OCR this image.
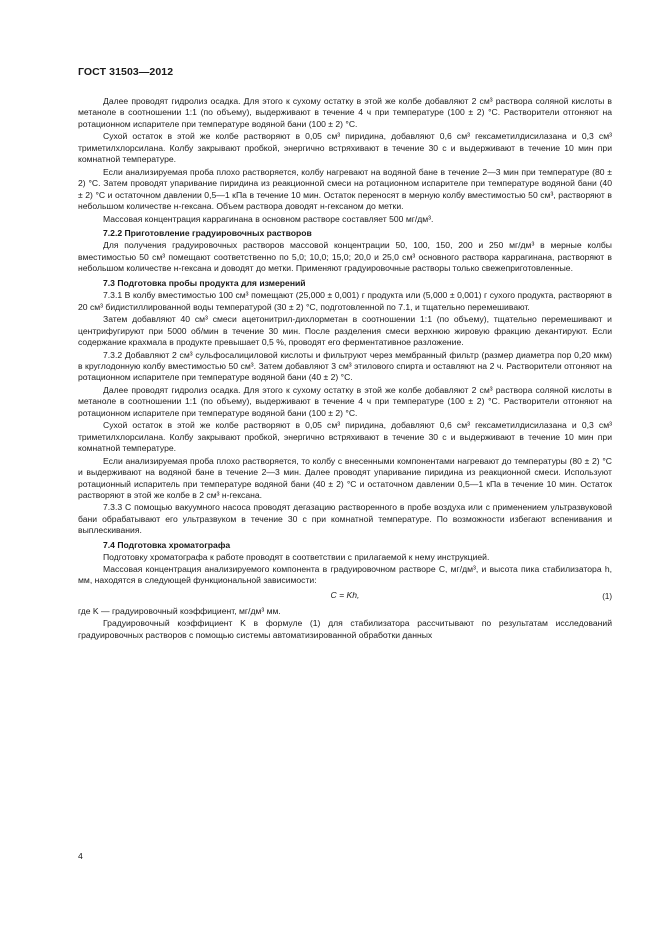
ГОСТ 31503—2012

Далее проводят гидролиз осадка. Для этого к сухому остатку в этой же колбе добавляют 2 см³ раствора соляной кислоты в метаноле в соотношении 1:1 (по объему), выдерживают в течение 4 ч при температуре (100 ± 2) °С. Растворители отгоняют на ротационном испарителе при температуре водяной бани (100 ± 2) °С.

Сухой остаток в этой же колбе растворяют в 0,05 см³ пиридина, добавляют 0,6 см³ гексаметилдисилазана и 0,3 см³ триметилхлорсилана. Колбу закрывают пробкой, энергично встряхивают в течение 30 с и выдерживают в течение 10 мин при комнатной температуре.

Если анализируемая проба плохо растворяется, колбу нагревают на водяной бане в течение 2—3 мин при температуре (80 ± 2) °С. Затем проводят упаривание пиридина из реакционной смеси на ротационном испарителе при температуре водяной бани (40 ± 2) °С и остаточном давлении 0,5—1 кПа в течение 10 мин. Остаток переносят в мерную колбу вместимостью 50 см³, растворяют в небольшом количестве н-гексана. Объем раствора доводят н-гексаном до метки.

Массовая концентрация каррагинана в основном растворе составляет 500 мг/дм³.

7.2.2 Приготовление градуировочных растворов

Для получения градуировочных растворов массовой концентрации 50, 100, 150, 200 и 250 мг/дм³ в мерные колбы вместимостью 50 см³ помещают соответственно по 5,0; 10,0; 15,0; 20,0 и 25,0 см³ основного раствора каррагинана, растворяют в небольшом количестве н-гексана и доводят до метки. Применяют градуировочные растворы только свежеприготовленные.

7.3 Подготовка пробы продукта для измерений

7.3.1 В колбу вместимостью 100 см³ помещают (25,000 ± 0,001) г продукта или (5,000 ± 0,001) г сухого продукта, растворяют в 20 см³ бидистиллированной воды температурой (30 ± 2) °С, подготовленной по 7.1, и тщательно перемешивают.

Затем добавляют 40 см³ смеси ацетонитрил-дихлорметан в соотношении 1:1 (по объему), тщательно перемешивают и центрифугируют при 5000 об/мин в течение 30 мин. После разделения смеси верхнюю жировую фракцию декантируют. Если содержание крахмала в продукте превышает 0,5 %, проводят его ферментативное разложение.

7.3.2 Добавляют 2 см³ сульфосалициловой кислоты и фильтруют через мембранный фильтр (размер диаметра пор 0,20 мкм) в круглодонную колбу вместимостью 50 см³. Затем добавляют 3 см³ этилового спирта и оставляют на 2 ч. Растворители отгоняют на ротационном испарителе при температуре водяной бани (40 ± 2) °С.

Далее проводят гидролиз осадка. Для этого к сухому остатку в этой же колбе добавляют 2 см³ раствора соляной кислоты в метаноле в соотношении 1:1 (по объему), выдерживают в течение 4 ч при температуре (100 ± 2) °С. Растворители отгоняют на ротационном испарителе при температуре водяной бани (100 ± 2) °С.

Сухой остаток в этой же колбе растворяют в 0,05 см³ пиридина, добавляют 0,6 см³ гексаметилдисилазана и 0,3 см³ триметилхлорсилана. Колбу закрывают пробкой, энергично встряхивают в течение 30 с и выдерживают в течение 10 мин при комнатной температуре.

Если анализируемая проба плохо растворяется, то колбу с внесенными компонентами нагревают до температуры (80 ± 2) °С и выдерживают на водяной бане в течение 2—3 мин. Далее проводят упаривание пиридина из реакционной смеси. Используют ротационный испаритель при температуре водяной бани (40 ± 2) °С и остаточном давлении 0,5—1 кПа в течение 10 мин. Остаток растворяют в этой же колбе в 2 см³ н-гексана.

7.3.3 С помощью вакуумного насоса проводят дегазацию растворенного в пробе воздуха или с применением ультразвуковой бани обрабатывают его ультразвуком в течение 30 с при комнатной температуре. По возможности избегают вспенивания и выплескивания.

7.4 Подготовка хроматографа

Подготовку хроматографа к работе проводят в соответствии с прилагаемой к нему инструкцией.

Массовая концентрация анализируемого компонента в градуировочном растворе С, мг/дм³, и высота пика стабилизатора h, мм, находятся в следующей функциональной зависимости:

C = Kh,	(1)

где K — градуировочный коэффициент, мг/дм³ мм.

Градуировочный коэффициент K в формуле (1) для стабилизатора рассчитывают по результатам исследований градуировочных растворов с помощью системы автоматизированной обработки данных

4
